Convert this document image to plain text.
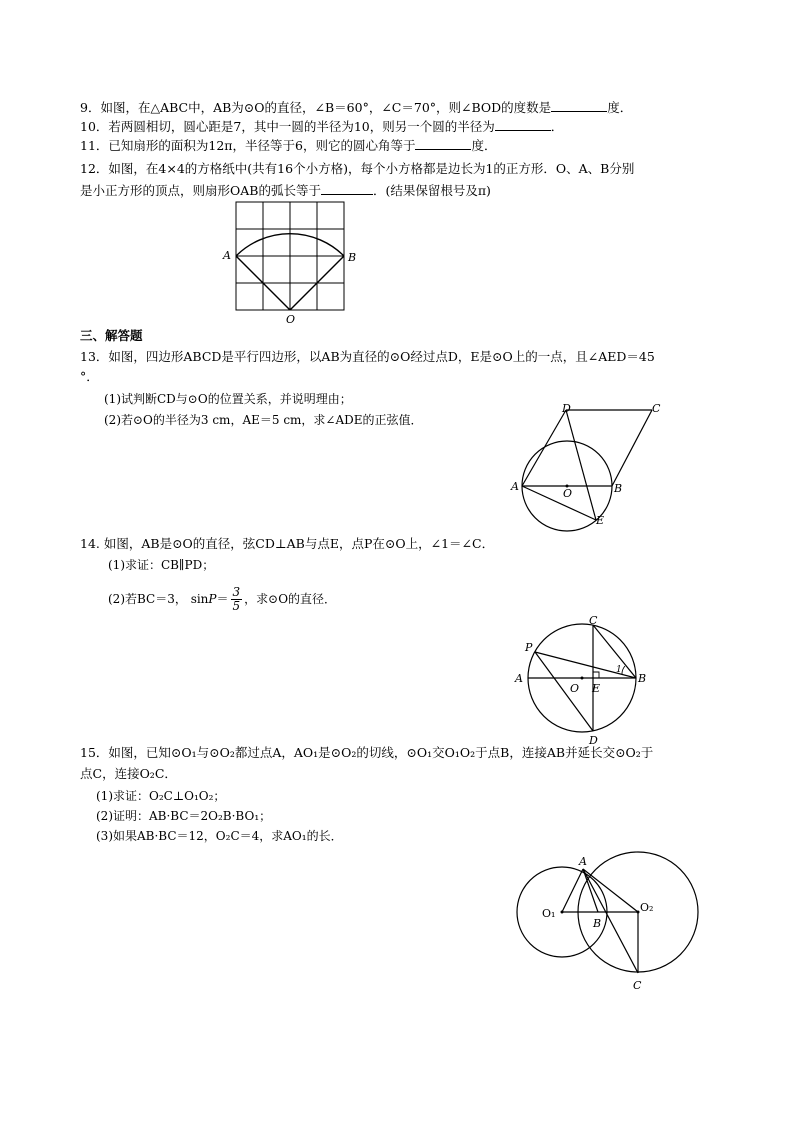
9．如图，在△ABC中，AB为⊙O的直径，∠B＝60°，∠C＝70°，则∠BOD的度数是	度．
10．若两圆相切，圆心距是7，其中一圆的半径为10，则另一个圆的半径为	．
11．已知扇形的面积为12π，半径等于6，则它的圆心角等于	度．
12．如图，在4×4的方格纸中(共有16个小方格)，每个小方格都是边长为1的正方形．O、A、B分别
是小正方形的顶点，则扇形OAB的弧长等于	．(结果保留根号及π)
A	B
O
三、解答题
13．如图，四边形ABCD是平行四边形，以AB为直径的⊙O经过点D，E是⊙O上的一点，且∠AED＝45
°．
(1)试判断CD与⊙O的位置关系，并说明理由；
(2)若⊙O的半径为3 cm，AE＝5 cm，求∠ADE的正弦值．
A	B
C
D
E
O
14. 如图，AB是⊙O的直径，弦CD⊥AB与点E，点P在⊙O上，∠1＝∠C．
(1)求证：CB∥PD；
(2)若BC＝3， $\sin P= \frac{3}{5}$ ，求⊙O的直径．
A	B
C
D
E
O
P
1
15．如图，已知⊙O₁与⊙O₂都过点A，AO₁是⊙O₂的切线，⊙O₁交O₁O₂于点B，连接AB并延长交⊙O₂于
点C，连接O₂C．
(1)求证：O₂C⊥O₁O₂；
(2)证明：AB·BC＝2O₂B·BO₁；
(3)如果AB·BC＝12，O₂C＝4，求AO₁的长．
A
B
C
O₁	O₂
